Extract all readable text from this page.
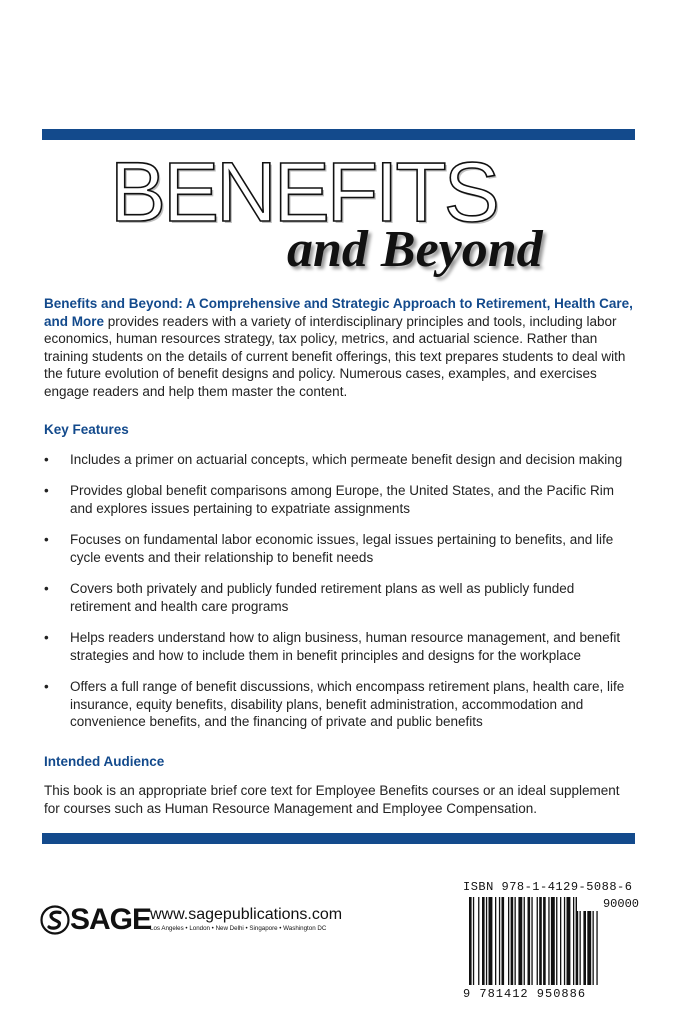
BENEFITS
and Beyond

Benefits and Beyond: A Comprehensive and Strategic Approach to Retirement, Health Care, and More provides readers with a variety of interdisciplinary principles and tools, including labor economics, human resources strategy, tax policy, metrics, and actuarial science. Rather than training students on the details of current benefit offerings, this text prepares students to deal with the future evolution of benefit designs and policy. Numerous cases, examples, and exercises engage readers and help them master the content.

Key Features
• Includes a primer on actuarial concepts, which permeate benefit design and decision making
• Provides global benefit comparisons among Europe, the United States, and the Pacific Rim and explores issues pertaining to expatriate assignments
• Focuses on fundamental labor economic issues, legal issues pertaining to benefits, and life cycle events and their relationship to benefit needs
• Covers both privately and publicly funded retirement plans as well as publicly funded retirement and health care programs
• Helps readers understand how to align business, human resource management, and benefit strategies and how to include them in benefit principles and designs for the workplace
• Offers a full range of benefit discussions, which encompass retirement plans, health care, life insurance, equity benefits, disability plans, benefit administration, accommodation and convenience benefits, and the financing of private and public benefits
Intended Audience

This book is an appropriate brief core text for Employee Benefits courses or an ideal supplement for courses such as Human Resource Management and Employee Compensation.

SAGE
www.sagepublications.com
Los Angeles • London • New Delhi • Singapore • Washington DC
ISBN 978-1-4129-5088-6
90000
9 781412 950886
